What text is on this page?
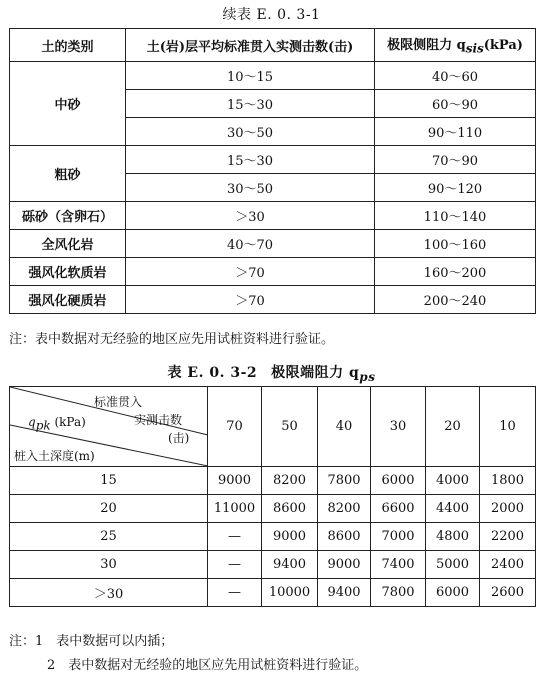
续表 E. 0. 3-1
土的类别	土(岩)层平均标准贯入实测击数(击)	极限侧阻力 $q_{sis}(kPa)$
中砂	10～15	40～60
	15～30	60～90
	30～50	90～110
粗砂	15～30	70～90
	30～50	90～120
砾砂（含卵石）	＞30	110～140
全风化岩	40～70	100～160
强风化软质岩	＞70	160～200
强风化硬质岩	＞70	200～240
注：表中数据对无经验的地区应先用试桩资料进行验证。
表 E. 0. 3-2 极限端阻力 $q_{ps}$
标准贯入
实测击数
(击)
$q_{pk}$ (kPa)
桩入土深度(m)	70	50	40	30	20	10
15	9000	8200	7800	6000	4000	1800
20	11000	8600	8200	6600	4400	2000
25	—	9000	8600	7000	4800	2200
30	—	9400	9000	7400	5000	2400
＞30	—	10000	9400	7800	6000	2600
注：1　表中数据可以内插；
2　表中数据对无经验的地区应先用试桩资料进行验证。
